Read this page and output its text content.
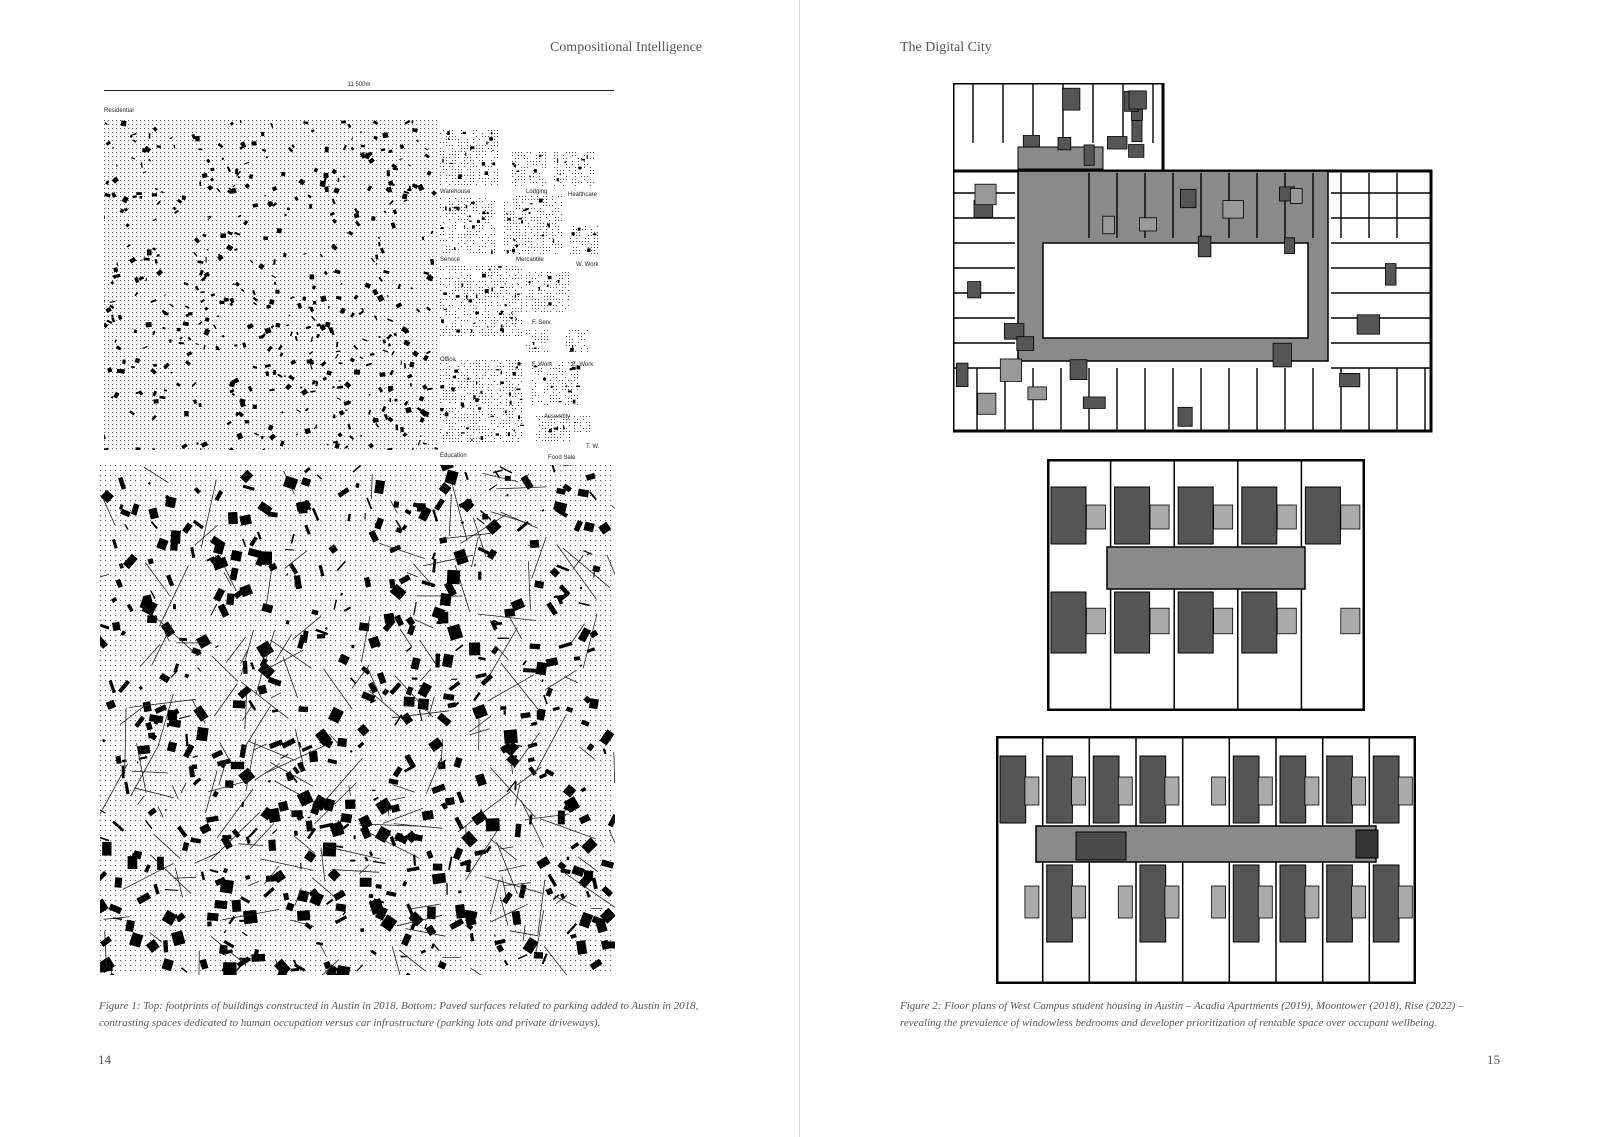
Compositional Intelligence
11 500m
Residential
Warehouse	Lodging	Healthcare
Service	Mercantile
W. Work
F. Serv.
Office
F. Work	E. Work
Assembly
Education
T. W.
Food Sale
Figure 1: Top: footprints of buildings constructed in Austin in 2018. Bottom: Paved surfaces related to parking added to Austin in 2018, contrasting spaces dedicated to human occupation versus car infrastructure (parking lots and private driveways).
14
The Digital City
Figure 2: Floor plans of West Campus student housing in Austin – Acadia Apartments (2019), Moontower (2018), Rise (2022) – revealing the prevalence of windowless bedrooms and developer prioritization of rentable space over occupant wellbeing.
15
